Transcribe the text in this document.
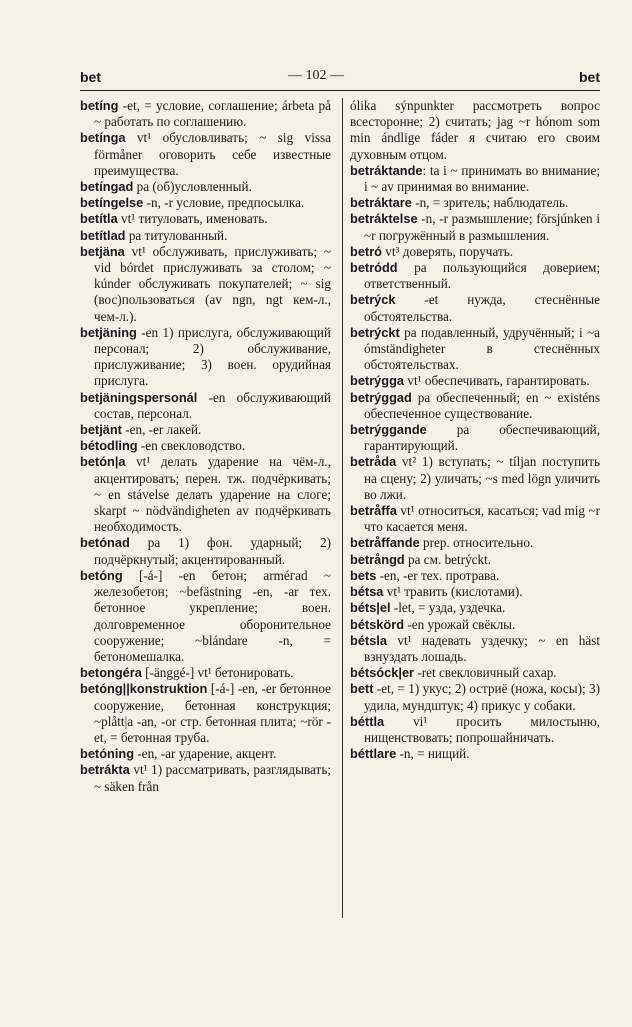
bet	— 102 —	bet

betíng -et, = условие, соглашение; árbeta på ~ работать по соглашению.

betínga vt¹ обусловливать; ~ sig vissa förmåner оговорить себе известные преимущества.

betíngad pa (об)условленный.

betíngelse -n, -r условие, предпосылка.

betítla vt¹ титуловать, именовать.

betítlad pa титулованный.

betjäna vt¹ обслуживать, прислуживать; ~ vid bórdet прислуживать за столом; ~ kúnder обслуживать покупателей; ~ sig (вос)пользоваться (av ngn, ngt кем-л., чем-л.).

betjäning -en 1) прислуга, обслуживающий персонал; 2) обслуживание, прислуживание; 3) воен. орудийная прислуга.

betjäningspersonál -en обслуживающий состав, персонал.

betjänt -en, -er лакей.

bétodling -en свекловодство.

betón|a vt¹ делать ударение на чём-л., акцентировать; перен. тж. подчёркивать; ~ en stávelse делать ударение на слоге; skarpt ~ nödvändigheten av подчёркивать необходимость.

betónad pa 1) фон. ударный; 2) подчёркнутый; акцентированный.

betóng [-á-] -en бетон; arméгad ~ железобетон; ~befästning -en, -ar тех. бетонное укрепление; воен. долговременное оборонительное сооружение; ~blándare -n, = бетономешалка.

betongéra [-änggé-] vt¹ бетонировать.

betóng||konstruktion [-á-] -en, -er бетонное сооружение, бетонная конструкция; ~plått|a -an, -or стр. бетонная плита; ~rör -et, = бетонная труба.

betóning -en, -ar ударение, акцент.

betrákta vt¹ 1) рассматривать, разглядывать; ~ säken från

ólika sýnpunkter рассмотреть вопрос всесторонне; 2) считать; jag ~r hónom som min ándlige fáder я считаю его своим духовным отцом.

betráktande: ta i ~ принимать во внимание; i ~ av принимая во внимание.

betráktare -n, = зритель; наблюдатель.

betráktelse -n, -r размышление; försjúnken i ~r погружённый в размышления.

betró vt³ доверять, поручать.

betródd pa пользующийся доверием; ответственный.

betrýck -et нужда, стеснённые обстоятельства.

betrýckt pa подавленный, удручённый; i ~a ómständigheter в стеснённых обстоятельствах.

betrýgga vt¹ обеспечивать, гарантировать.

betrýggad pa обеспеченный; en ~ existéns обеспеченное существование.

betrýggande pa обеспечивающий, гарантирующий.

betråda vt² 1) вступать; ~ tíljan поступить на сцену; 2) уличать; ~s med lögn уличить во лжи.

betråffa vt¹ относиться, касаться; vad mig ~r что касается меня.

betråffande prep. относительно.

betrångd pa см. betrýckt.

bets -en, -er тех. протрава.

bétsa vt¹ травить (кислотами).

béts|el -let, = узда, уздечка.

bétskörd -en урожай свёклы.

bétsla vt¹ надевать уздечку; ~ en häst взнуздать лошадь.

bétsóck|er -ret свекловичный сахар.

bett -et, = 1) укус; 2) остриё (ножа, косы); 3) удила, мундштук; 4) прикус у собаки.

béttla vi¹ просить милостыню, нищенствовать; попрошайничать.

béttlare -n, = нищий.
